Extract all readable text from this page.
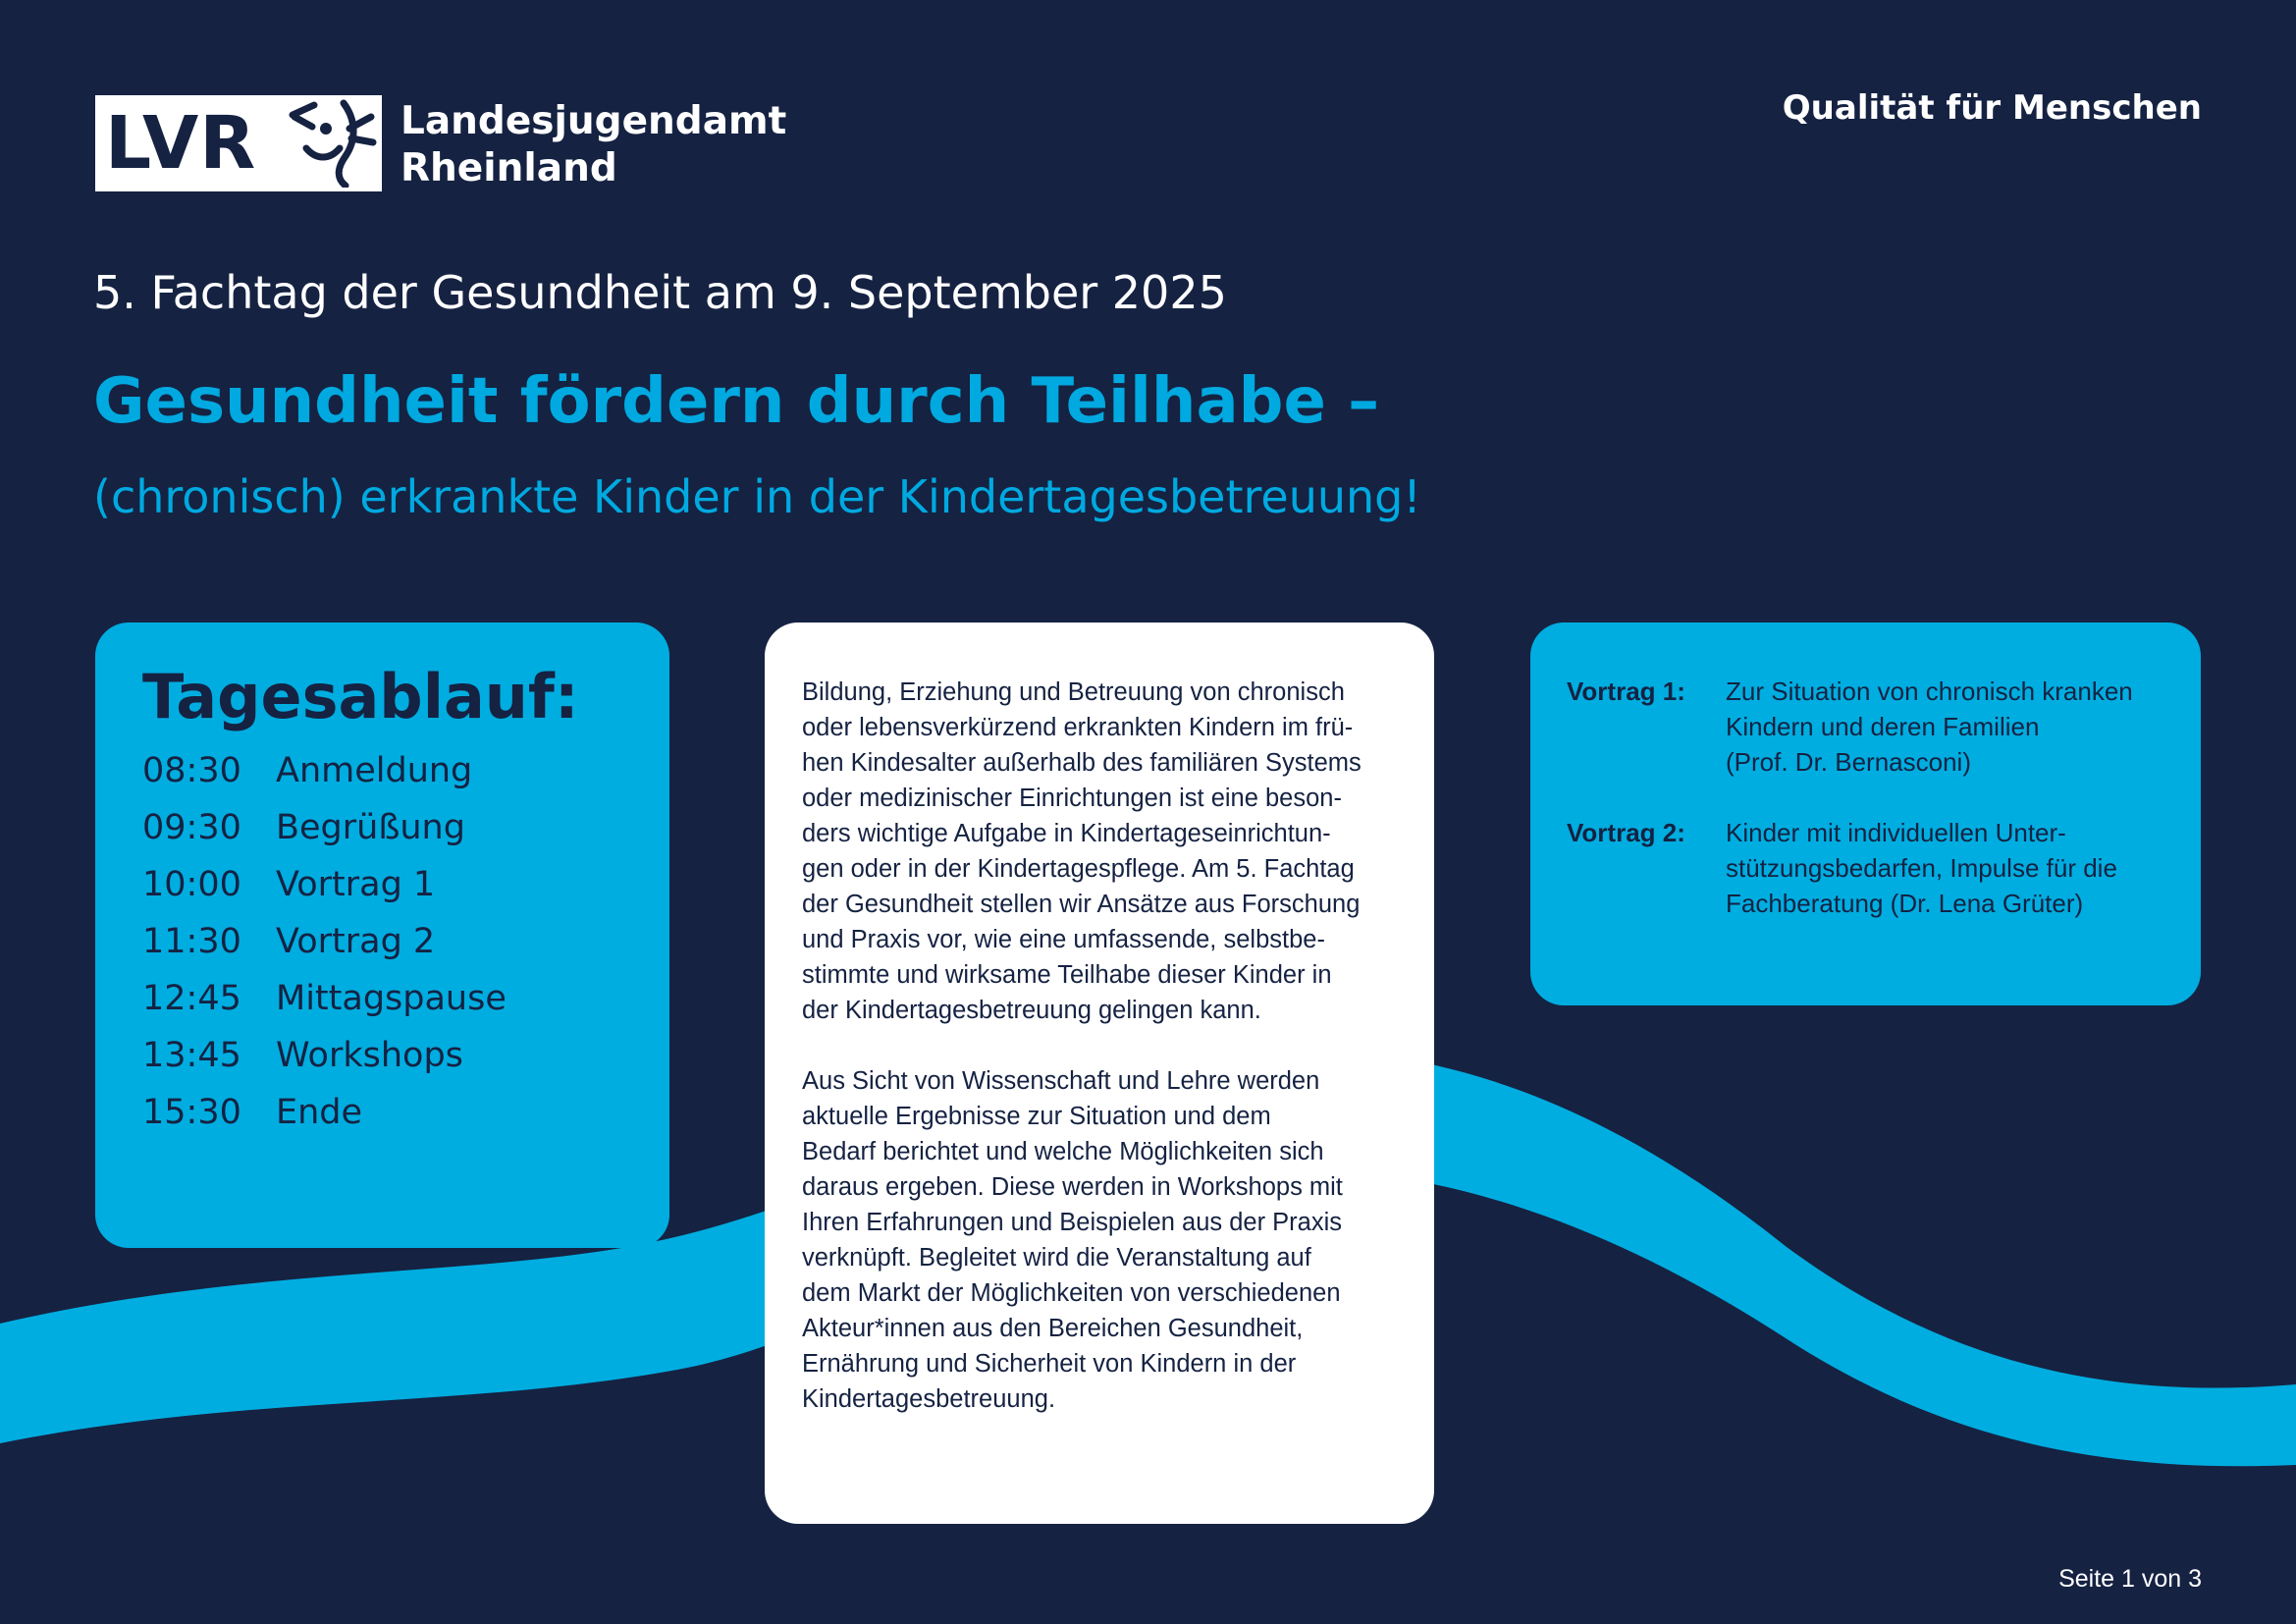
LVR	Landesjugendamt
Rheinland
Qualität für Menschen
5. Fachtag der Gesundheit am 9. September 2025
Gesundheit fördern durch Teilhabe –
(chronisch) erkrankte Kinder in der Kindertagesbetreuung!
Tagesablauf:
08:30	Anmeldung
09:30	Begrüßung
10:00	Vortrag 1
11:30	Vortrag 2
12:45	Mittagspause
13:45	Workshops
15:30	Ende

Bildung, Erziehung und Betreuung von chronisch
oder lebensverkürzend erkrankten Kindern im frü-
hen Kindesalter außerhalb des familiären Systems
oder medizinischer Einrichtungen ist eine beson-
ders wichtige Aufgabe in Kindertageseinrichtun-
gen oder in der Kindertagespflege. Am 5. Fachtag
der Gesundheit stellen wir Ansätze aus Forschung
und Praxis vor, wie eine umfassende, selbstbe-
stimmte und wirksame Teilhabe dieser Kinder in
der Kindertagesbetreuung gelingen kann.

Aus Sicht von Wissenschaft und Lehre werden
aktuelle Ergebnisse zur Situation und dem
Bedarf berichtet und welche Möglichkeiten sich
daraus ergeben. Diese werden in Workshops mit
Ihren Erfahrungen und Beispielen aus der Praxis
verknüpft. Begleitet wird die Veranstaltung auf
dem Markt der Möglichkeiten von verschiedenen
Akteur*innen aus den Bereichen Gesundheit,
Ernährung und Sicherheit von Kindern in der
Kindertagesbetreuung.

Vortrag 1:	Zur Situation von chronisch kranken
Kindern und deren Familien
(Prof. Dr. Bernasconi)
Vortrag 2:	Kinder mit individuellen Unter-
stützungsbedarfen, Impulse für die
Fachberatung (Dr. Lena Grüter)
Seite 1 von 3
